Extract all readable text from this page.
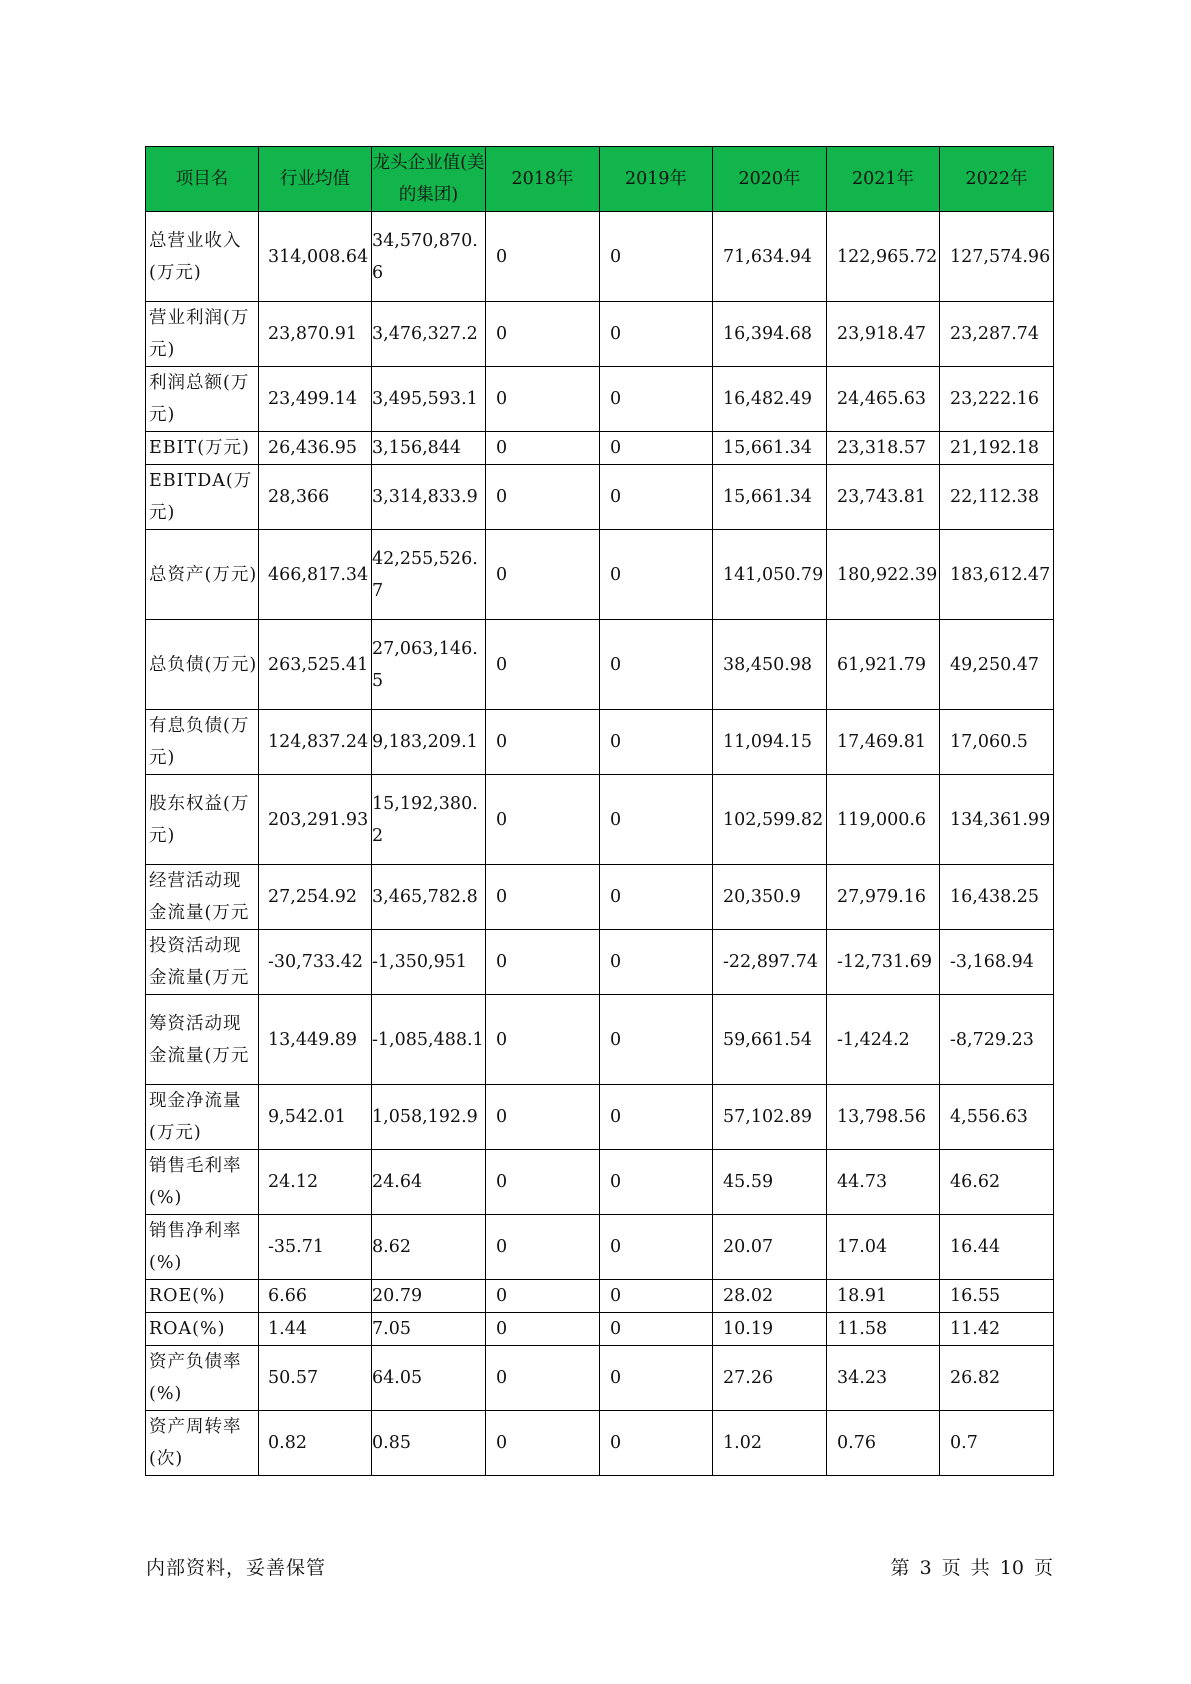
项目名	行业均值	龙头企业值(美的集团)	2018年	2019年	2020年	2021年	2022年

总营业收入(万元)	314,008.64	34,570,870.6	0	0	71,634.94	122,965.72	127,574.96

营业利润(万元)	23,870.91	3,476,327.2	0	0	16,394.68	23,918.47	23,287.74

利润总额(万元)	23,499.14	3,495,593.1	0	0	16,482.49	24,465.63	23,222.16

EBIT(万元)	26,436.95	3,156,844	0	0	15,661.34	23,318.57	21,192.18

EBITDA(万元)	28,366	3,314,833.9	0	0	15,661.34	23,743.81	22,112.38

总资产(万元)	466,817.34	42,255,526.7	0	0	141,050.79	180,922.39	183,612.47

总负债(万元)	263,525.41	27,063,146.5	0	0	38,450.98	61,921.79	49,250.47

有息负债(万元)	124,837.24	9,183,209.1	0	0	11,094.15	17,469.81	17,060.5

股东权益(万元)	203,291.93	15,192,380.2	0	0	102,599.82	119,000.6	134,361.99

经营活动现金流量(万元	27,254.92	3,465,782.8	0	0	20,350.9	27,979.16	16,438.25

投资活动现金流量(万元	-30,733.42	-1,350,951	0	0	-22,897.74	-12,731.69	-3,168.94

筹资活动现金流量(万元	13,449.89	-1,085,488.1	0	0	59,661.54	-1,424.2	-8,729.23

现金净流量(万元)	9,542.01	1,058,192.9	0	0	57,102.89	13,798.56	4,556.63

销售毛利率(%)	24.12	24.64	0	0	45.59	44.73	46.62

销售净利率(%)	-35.71	8.62	0	0	20.07	17.04	16.44

ROE(%)	6.66	20.79	0	0	28.02	18.91	16.55

ROA(%)	1.44	7.05	0	0	10.19	11.58	11.42

资产负债率(%)	50.57	64.05	0	0	27.26	34.23	26.82

资产周转率(次)	0.82	0.85	0	0	1.02	0.76	0.7
内部资料，妥善保管	第 3 页 共 10 页
